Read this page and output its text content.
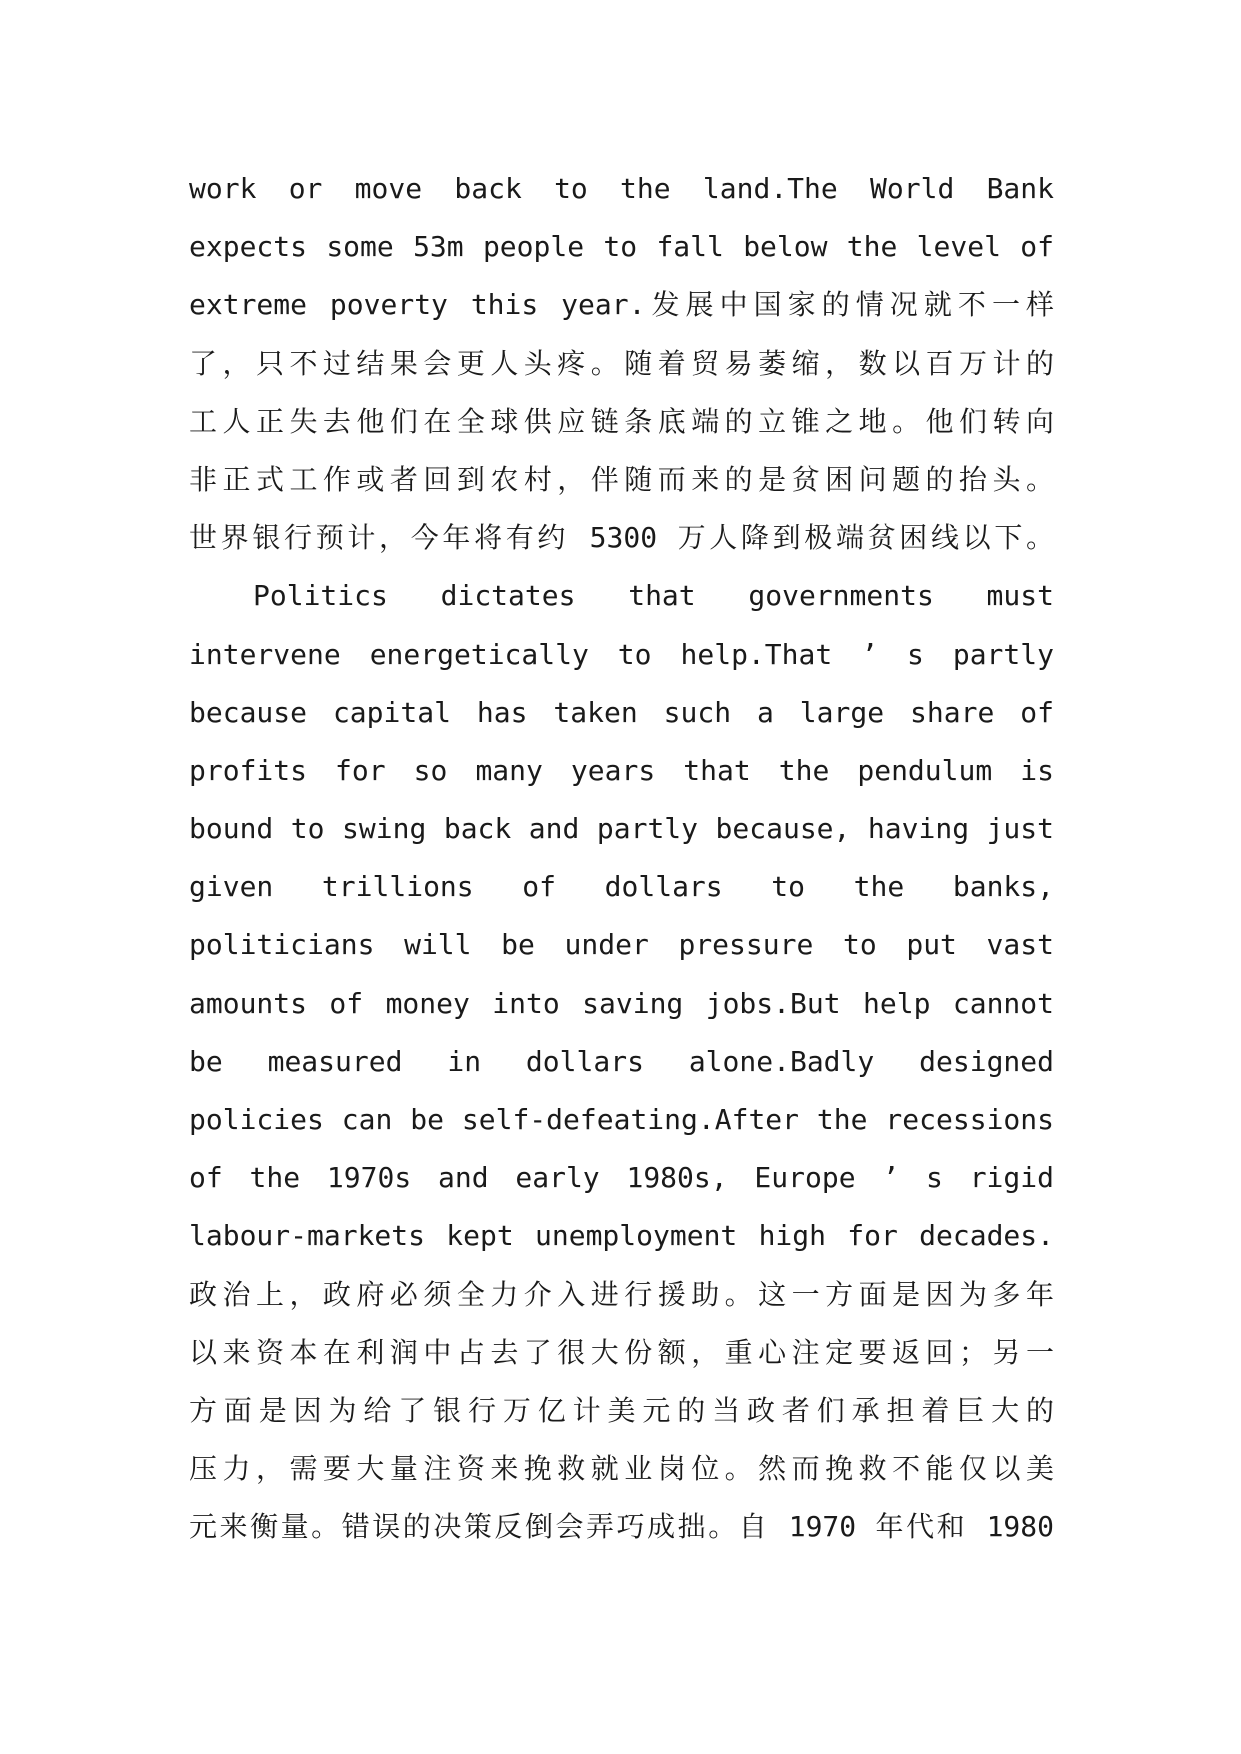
work or move back to the land.The World Bank
expects some 53m people to fall below the level of
extreme poverty this year.发展中国家的情况就不一样
了，只不过结果会更人头疼。随着贸易萎缩，数以百万计的
工人正失去他们在全球供应链条底端的立锥之地。他们转向
非正式工作或者回到农村，伴随而来的是贫困问题的抬头。
世界银行预计，今年将有约 5300 万人降到极端贫困线以下。
Politics dictates that governments must
intervene energetically to help.That ’ s partly
because capital has taken such a large share of
profits for so many years that the pendulum is
bound to swing back and partly because, having just
given trillions of dollars to the banks,
politicians will be under pressure to put vast
amounts of money into saving jobs.But help cannot
be measured in dollars alone.Badly designed
policies can be self-defeating.After the recessions
of the 1970s and early 1980s, Europe ’ s rigid
labour-markets kept unemployment high for decades.
政治上，政府必须全力介入进行援助。这一方面是因为多年
以来资本在利润中占去了很大份额，重心注定要返回；另一
方面是因为给了银行万亿计美元的当政者们承担着巨大的
压力，需要大量注资来挽救就业岗位。然而挽救不能仅以美
元来衡量。错误的决策反倒会弄巧成拙。自 1970 年代和 1980
